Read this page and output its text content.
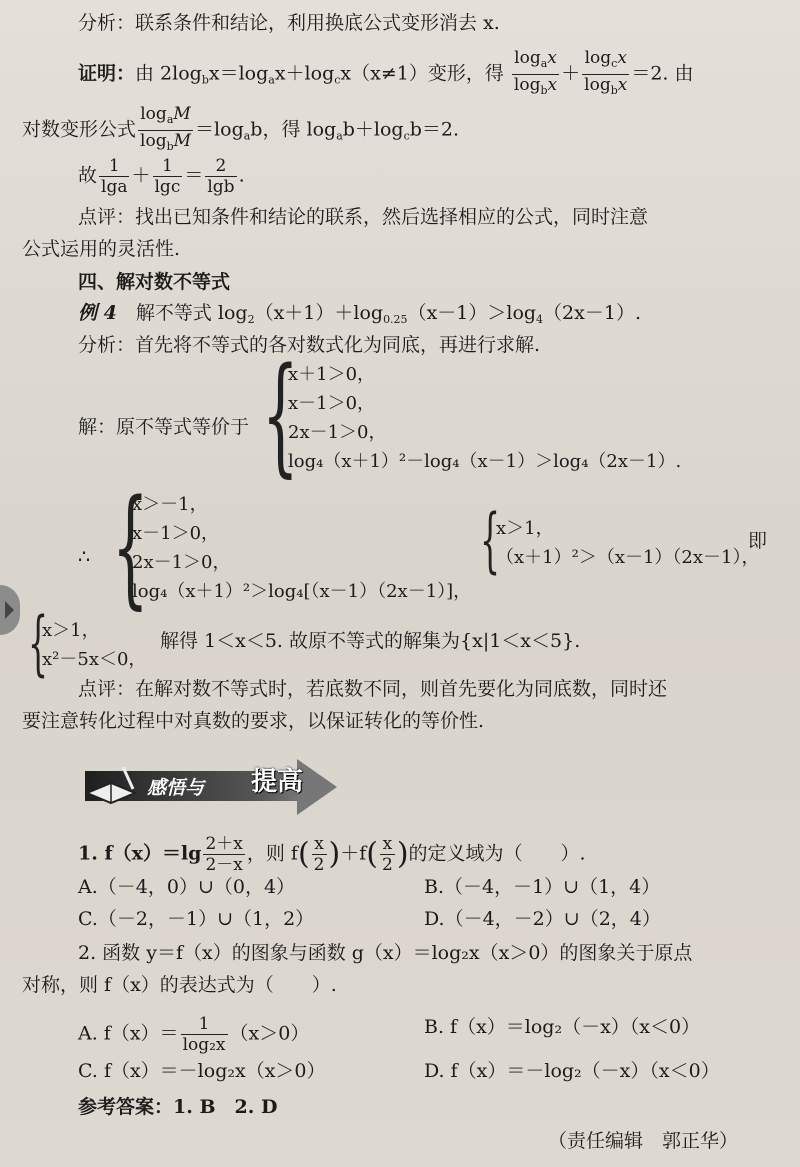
分析：联系条件和结论，利用换底公式变形消去 x.
证明：由 $2\log_bx=\log_ax+\log_cx(x\ne 1)$变形，得 $\frac{\log_ax}{\log_bx} + \frac{\log_cx}{\log_bx} =2$. 由
对数变形公式 $\frac{\log_aM}{\log_bM} =\log_ab$，得 $\log_ab+\log_cb=2$.
故 $\frac{1}{\lg a} + \frac{1}{\lg c} = \frac{2}{\lg b}$ .
点评：找出已知条件和结论的联系，然后选择相应的公式，同时注意
公式运用的灵活性.
四、解对数不等式
例 4　 解不等式 $\log_2(x+1)+\log_{0.25}(x-1)>\log_4(2x-1)$.
分析：首先将不等式的各对数式化为同底，再进行求解.
解：原不等式等价于 {
x＋1＞0，
x－1＞0，
2x－1＞0，
log₄（x＋1）²－log₄（x－1）＞log₄（2x－1）.
∴ {
x＞－1，
x－1＞0，
2x－1＞0，
log₄（x＋1）²＞log₄[（x－1）（2x－1）]，
{
x＞1，
（x＋1）²＞（x－1）（2x－1），
即
{
x＞1，
x²－5x＜0，
解得 1＜x＜5. 故原不等式的解集为{x|1＜x＜5}.
点评：在解对数不等式时，若底数不同，则首先要化为同底数，同时还
要注意转化过程中对真数的要求，以保证转化的等价性.
感悟与 提高
1. $f(x)=\lg \frac{2+x}{2-x}$ ，则 $f( \frac{x}{2} )+f( \frac{x}{2}$ )的定义域为（　　）.
A.（－4，0）∪（0，4）	B.（－4，－1）∪（1，4）
C.（－2，－1）∪（1，2）	D.（－4，－2）∪（2，4）
2. 函数 y＝f（x）的图象与函数 g（x）＝log₂x（x＞0）的图象关于原点
对称，则 f（x）的表达式为（　　）.
A. $f(x)= \frac{1}{\text{log₂x}} (x>0)$	B. f（x）＝log₂（－x）（x＜0）
C. f（x）＝－log₂x（x＞0）	D. f（x）＝－log₂（－x）（x＜0）
参考答案：1. B　2. D
（责任编辑　郭正华）
